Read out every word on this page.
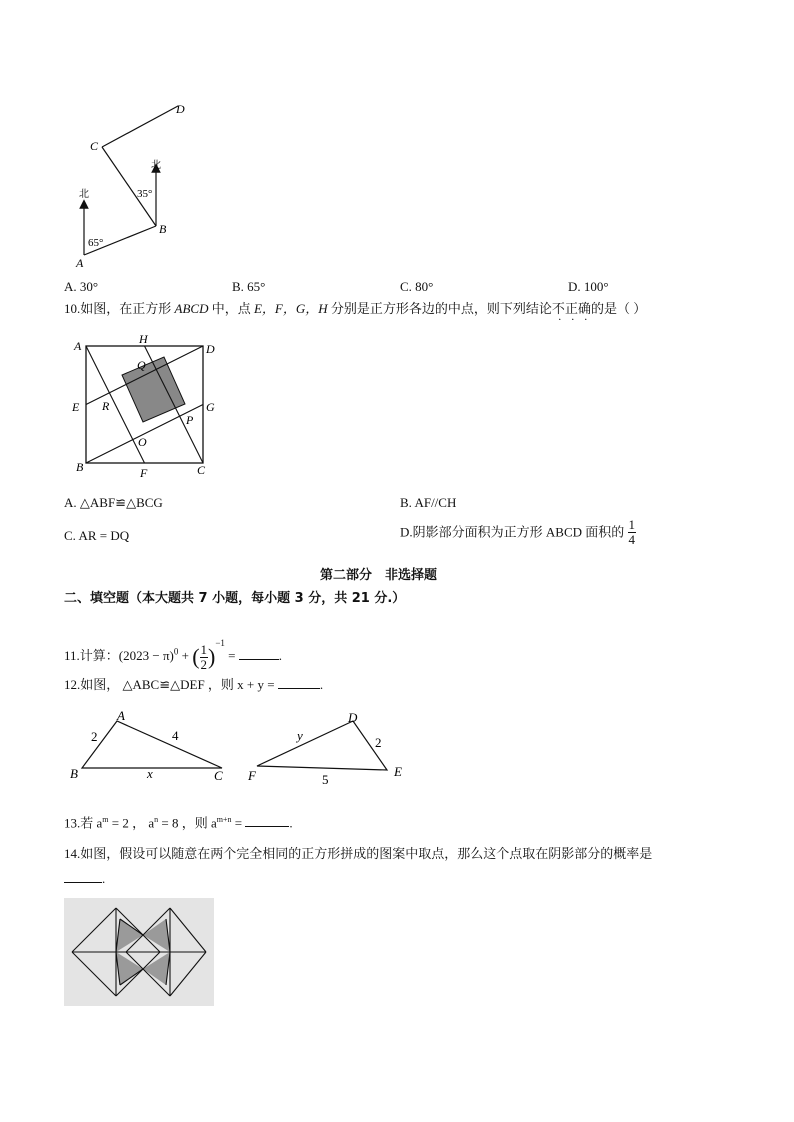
D
C
B
A
北
北
65°
35°
A. 30°	B. 65°	C. 80°	D. 100°
10.如图，在正方形 ABCD 中，点 E，F，G，H 分别是正方形各边的中点，则下列结论不正确的是（ ）
A	H
D
Q
E R	G
P
O
B	F	C
A. △ABF≌△BCG	B. AF//CH
C. AR = DQ	D.阴影部分面积为正方形 ABCD 面积的 $\frac{1}{4}$
第二部分　非选择题
二、填空题（本大题共 7 小题，每小题 3 分，共 21 分.）
11.计算：$(2023 - \pi)^0$ + ( $\frac{1}{2} )^{-1}$ =	.
12.如图， △ABC≌△DEF ，则 x + y =	.
A
B	C
2	4
x
D
E
F
y	2
5
13.若 $a^m = 2$ ， $a^n = 8$ ，则 $a^{m+n}$ =	.
14.如图，假设可以随意在两个完全相同的正方形拼成的图案中取点，那么这个点取在阴影部分的概率是
.
